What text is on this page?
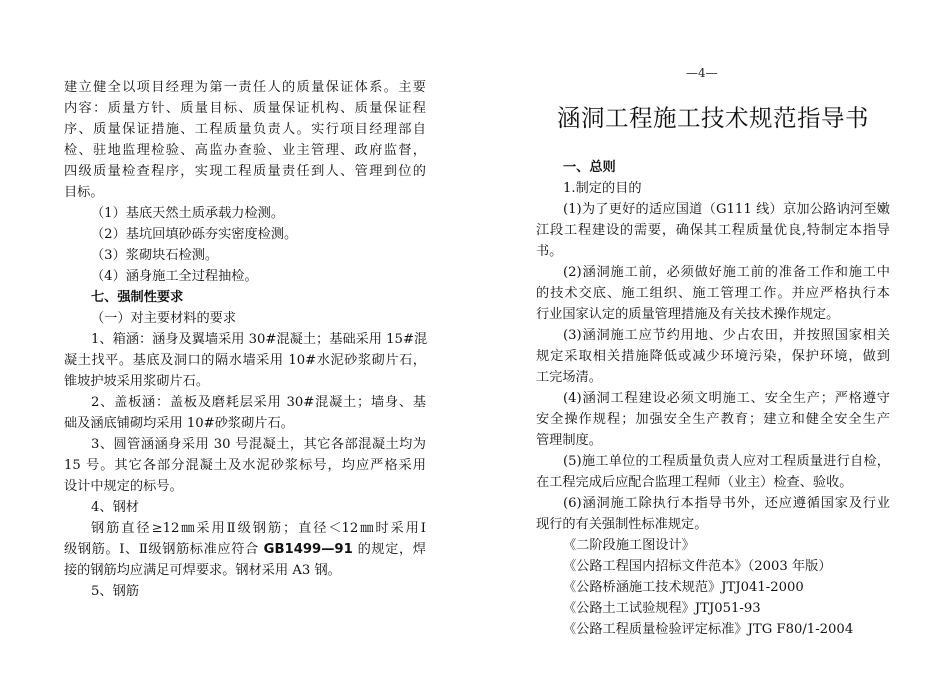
建立健全以项目经理为第一责任人的质量保证体系。主要
内容：质量方针、质量目标、质量保证机构、质量保证程
序、质量保证措施、工程质量负责人。实行项目经理部自
检、驻地监理检验、高监办查验、业主管理、政府监督，
四级质量检查程序，实现工程质量责任到人、管理到位的
目标。
（1）基底天然土质承载力检测。
（2）基坑回填砂砾夯实密度检测。
（3）浆砌块石检测。
（4）涵身施工全过程抽检。
七、强制性要求
（一）对主要材料的要求
1、箱涵：涵身及翼墙采用 30#混凝土；基础采用 15#混
凝土找平。基底及洞口的隔水墙采用 10#水泥砂浆砌片石，
锥坡护坡采用浆砌片石。
2、盖板涵：盖板及磨耗层采用 30#混凝土；墙身、基
础及涵底铺砌均采用 10#砂浆砌片石。
3、圆管涵涵身采用 30 号混凝土，其它各部混凝土均为
15 号。其它各部分混凝土及水泥砂浆标号，均应严格采用
设计中规定的标号。
4、钢材
钢筋直径≥12㎜采用Ⅱ级钢筋；直径＜12㎜时采用Ⅰ
级钢筋。Ⅰ、Ⅱ级钢筋标准应符合 GB1499—91 的规定，焊
接的钢筋均应满足可焊要求。钢材采用 A3 钢。
5、钢筋
—4—
涵洞工程施工技术规范指导书
一、总则
1.制定的目的
(1)为了更好的适应国道（G111 线）京加公路讷河至嫩
江段工程建设的需要，确保其工程质量优良,特制定本指导
书。
(2)涵洞施工前，必须做好施工前的准备工作和施工中
的技术交底、施工组织、施工管理工作。并应严格执行本
行业国家认定的质量管理措施及有关技术操作规定。
(3)涵洞施工应节约用地、少占农田，并按照国家相关
规定采取相关措施降低或减少环境污染，保护环境，做到
工完场清。
(4)涵洞工程建设必须文明施工、安全生产；严格遵守
安全操作规程；加强安全生产教育；建立和健全安全生产
管理制度。
(5)施工单位的工程质量负责人应对工程质量进行自检，
在工程完成后应配合监理工程师（业主）检查、验收。
(6)涵洞施工除执行本指导书外，还应遵循国家及行业
现行的有关强制性标准规定。
《二阶段施工图设计》
《公路工程国内招标文件范本》（2003 年版）
《公路桥涵施工技术规范》JTJ041-2000
《公路土工试验规程》JTJ051-93
《公路工程质量检验评定标准》JTG F80/1-2004
